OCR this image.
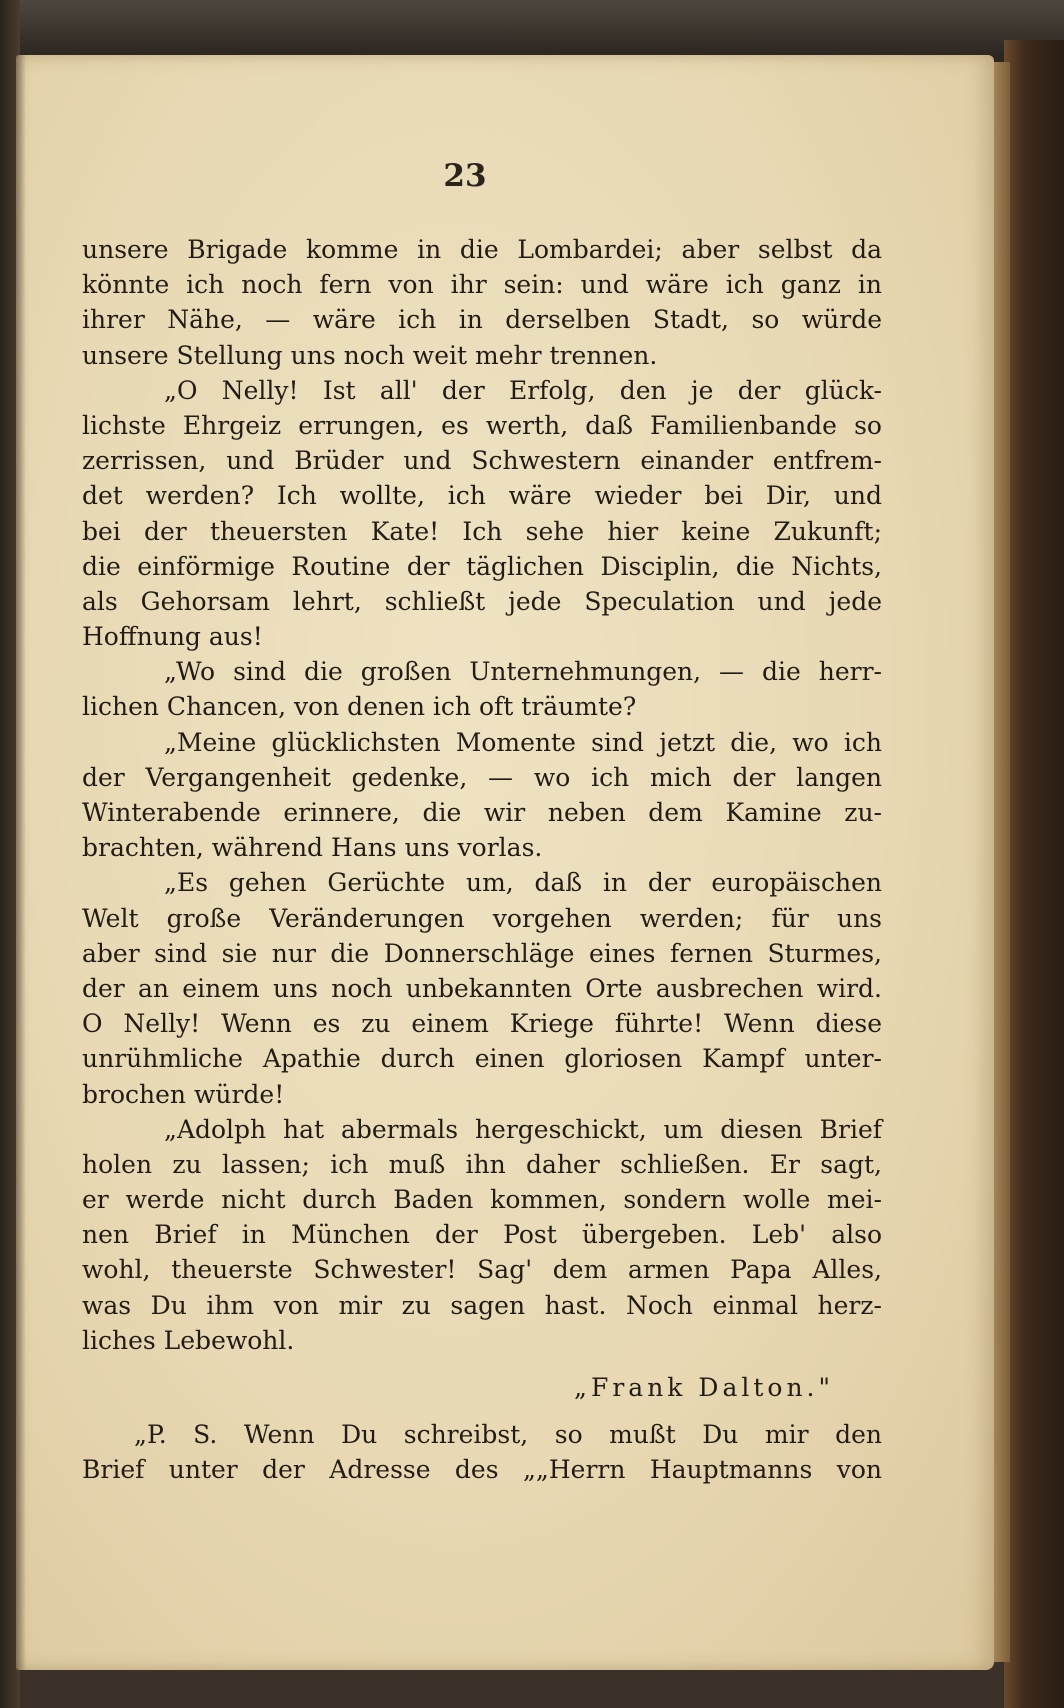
23
unsere Brigade komme in die Lombardei; aber selbst da
könnte ich noch fern von ihr sein: und wäre ich ganz in
ihrer Nähe, — wäre ich in derselben Stadt, so würde
unsere Stellung uns noch weit mehr trennen.
„O Nelly! Ist all' der Erfolg, den je der glück-
lichste Ehrgeiz errungen, es werth, daß Familienbande so
zerrissen, und Brüder und Schwestern einander entfrem-
det werden? Ich wollte, ich wäre wieder bei Dir, und
bei der theuersten Kate! Ich sehe hier keine Zukunft;
die einförmige Routine der täglichen Disciplin, die Nichts,
als Gehorsam lehrt, schließt jede Speculation und jede
Hoffnung aus!
„Wo sind die großen Unternehmungen, — die herr-
lichen Chancen, von denen ich oft träumte?
„Meine glücklichsten Momente sind jetzt die, wo ich
der Vergangenheit gedenke, — wo ich mich der langen
Winterabende erinnere, die wir neben dem Kamine zu-
brachten, während Hans uns vorlas.
„Es gehen Gerüchte um, daß in der europäischen
Welt große Veränderungen vorgehen werden; für uns
aber sind sie nur die Donnerschläge eines fernen Sturmes,
der an einem uns noch unbekannten Orte ausbrechen wird.
O Nelly! Wenn es zu einem Kriege führte! Wenn diese
unrühmliche Apathie durch einen gloriosen Kampf unter-
brochen würde!
„Adolph hat abermals hergeschickt, um diesen Brief
holen zu lassen; ich muß ihn daher schließen. Er sagt,
er werde nicht durch Baden kommen, sondern wolle mei-
nen Brief in München der Post übergeben. Leb' also
wohl, theuerste Schwester! Sag' dem armen Papa Alles,
was Du ihm von mir zu sagen hast. Noch einmal herz-
liches Lebewohl.
„Frank Dalton."
„P. S. Wenn Du schreibst, so mußt Du mir den
Brief unter der Adresse des „„Herrn Hauptmanns von
